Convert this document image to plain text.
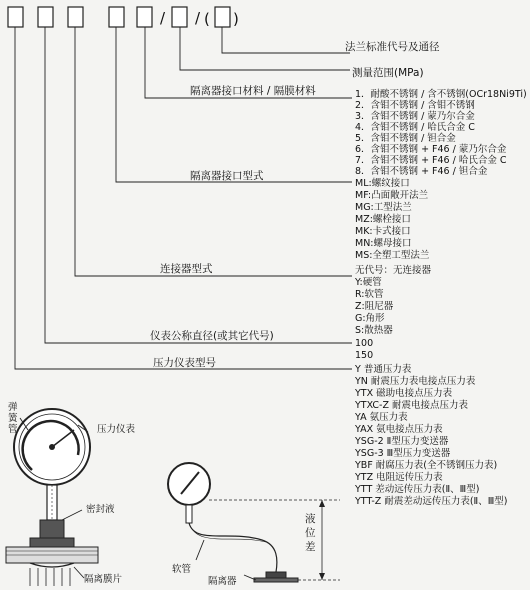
/ / ( )
法兰标准代号及通径
测量范围(MPa)
隔离器接口材料 / 隔膜材料
隔离器接口型式
连接器型式
仪表公称直径(或其它代号)
压力仪表型号
1．耐酸不锈钢 / 含不锈钢(OCr18Ni9Ti)
2．含钼不锈钢 / 含钼不锈钢
3．含钼不锈钢 / 蒙乃尔合金
4．含钼不锈钢 / 哈氏合金 C
5．含钼不锈钢 / 钽合金
6．含钼不锈钢 + F46 / 蒙乃尔合金
7．含钼不锈钢 + F46 / 哈氏合金 C
8．含钼不锈钢 + F46 / 钽合金
ML:螺纹接口
MF:凸面敞开法兰
MG:工型法兰
MZ:螺栓接口
MK:卡式接口
MN:螺母接口
MS:全塑工型法兰
无代号：无连接器
Y:硬管
R:软管
Z:阻尼器
G:角形
S:散热器
100
150
Y 普通压力表
YN 耐震压力表电接点压力表
YTX 磁助电接点压力表
YTXC-Z 耐震电接点压力表
YA 氨压力表
YAX 氨电接点压力表
YSG-2 Ⅱ型压力变送器
YSG-3 Ⅲ型压力变送器
YBF 耐腐压力表(全不锈钢压力表)
YTZ 电阻远传压力表
YTT 差动远传压力表(Ⅱ、Ⅲ型)
YTT-Z 耐震差动远传压力表(Ⅱ、Ⅲ型)
弹簧管	压力仪表
密封液
隔离膜片
液位差
软管
隔离器
